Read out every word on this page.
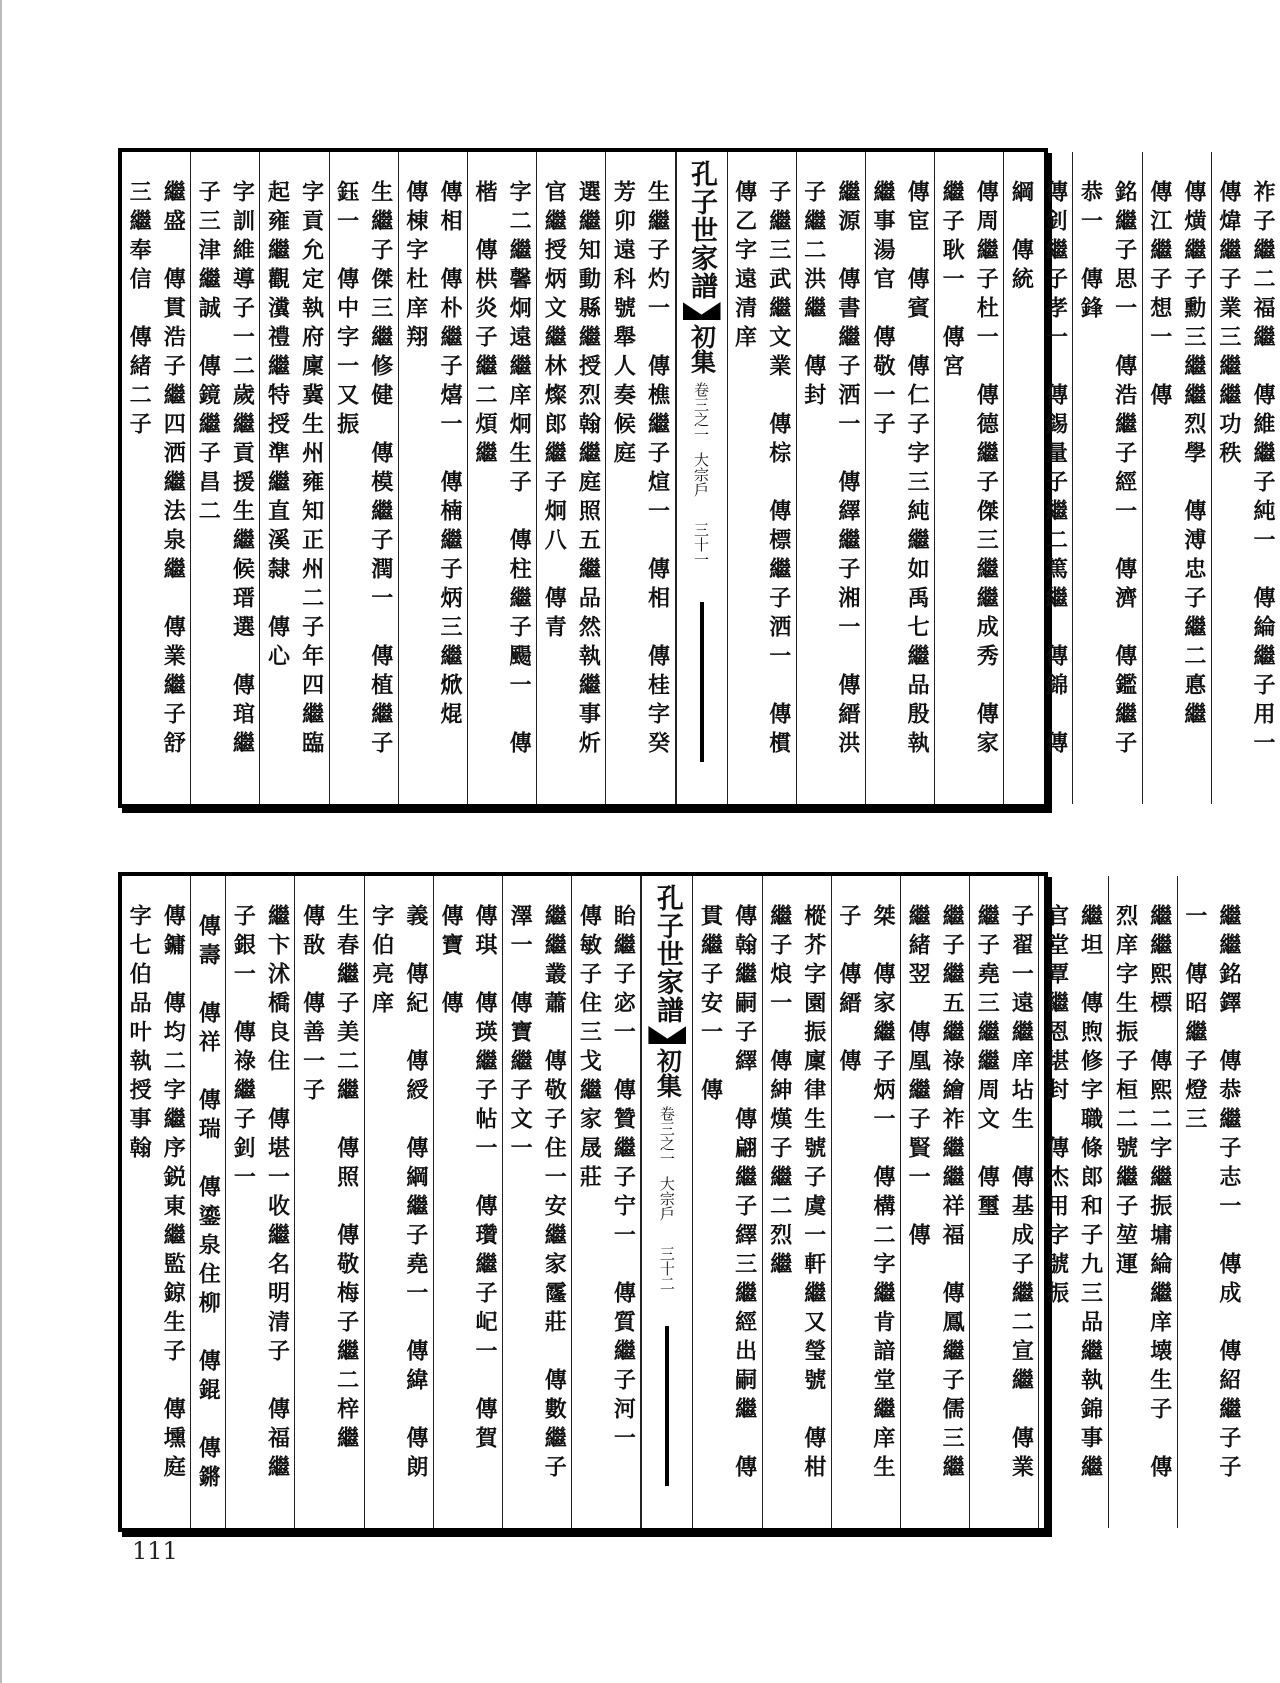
繼盛　傳貫浩子繼四洒繼法泉繼　傳業繼子舒三繼奉信　傳緒二子	字訓維導子一二歲繼貢援生繼候瑨選　傳琯繼子三津繼誠　傳鏡繼子昌二	字貢允定執府廩冀生州雍知正州二子年四繼臨起雍繼觀瀵禮繼特授準繼直溪隸　傳心	生繼子傑三繼修健　傳模繼子潤一　傳植繼子鈺一　傳中字一又振	傳相　傳朴繼子熺一　傳楠繼子炳三繼焮焜　傳棟字杜庠翔	字二繼馨炯遠繼庠炯生子　傳柱繼子颺一　傳楷　傳栱炎子繼二煩繼	選繼知動縣繼授烈翰繼庭照五繼品然執繼事炘官繼授炳文繼林燦郎繼子炯八　傳青	生繼子灼一　傳樵繼子煊一　傳相　傳桂字癸芳卯遠科號舉人奏候庭	孔子世家譜
初集
卷三之一
大宗戶
三十一	子繼三武繼文業　傳棕　傳標繼子洒一　傳樌　傳乙字遠清庠	繼源　傳書繼子洒一　傳繹繼子湘一　傳縉洪子繼二洪繼　傳封	傳宦　傳賓　傳仁子字三純繼如禹七繼品殷執繼事湯官　傳敬一子	傳周繼子杜一　傳德繼子傑三繼繼成秀　傳家繼子耿一　傳宮	傳釗繼子孝一　傳錫量子繼二篤繼　傳錦　傳綱　傳統	銘繼子思一　傳浩繼子經一　傳濟　傳鑑繼子恭一　傳鋒	傳熿繼子勳三繼繼烈學　傳溥忠子繼二悳繼　傳江繼子想一　傳	祚子繼二福繼　傳維繼子純一　傳綸繼子用一　傳煒繼子業三繼繼功秩
傳鏞　傳均二字繼序鋭東繼監鍄生子　傳壎庭字七伯品叶執授事翰	傳壽　傳祥　傳瑞　傳鎏泉住柳　傳錕　傳鏘	繼卞沭橋良住　傳堪一收繼名明清子　傳福繼子銀一　傳祿繼子釗一	生春繼子美二繼　傳照　傳敬梅子繼二梓繼　傳敔　傳善一子	義　傳紀　傳綬　傳綱繼子堯一　傳緯　傳朗字伯亮庠	傳琪　傳瑛繼子帖一　傳瓚繼子屺一　傳賀　傳寶　傳	繼繼叢蕭　傳敬子住一安繼家霳莊　傳數繼子澤一　傳寶繼子文一	眙繼子宓一　傳贊繼子宁一　傳質繼子河一　傳敏子住三戈繼家晟莊	孔子世家譜
初集
卷三之一
大宗戶
三十二	傳翰繼嗣子繹　傳翩繼子繹三繼經出嗣繼　傳貫繼子安一　傳	樅芥字園振廩律生號子虞一軒繼又瑩號　傳柑繼子烺一　傳紳熯子繼二烈繼	桀　傳家繼子炳一　傳構二字繼肯諳堂繼庠生子　傳縉　傳	繼子繼五繼祿繪祚繼繼祥福　傳鳳繼子儒三繼繼緒翌　傳凰繼子賢一　傳	子翟一遠繼庠坫生　傳基成子繼二宣繼　傳業繼子堯三繼繼周文　傳璽	繼坦　傳煦修字職條郎和子九三品繼執錦事繼官堂覃繼恩堪封　傳杰用字號振	繼繼熙標　傳熙二字繼振墉綸繼庠壊生子　傳烈庠字生振子桓二號繼子堃運	繼繼銘鐸　傳恭繼子志一　傳成　傳紹繼子子一　傳昭繼子燈三
111
